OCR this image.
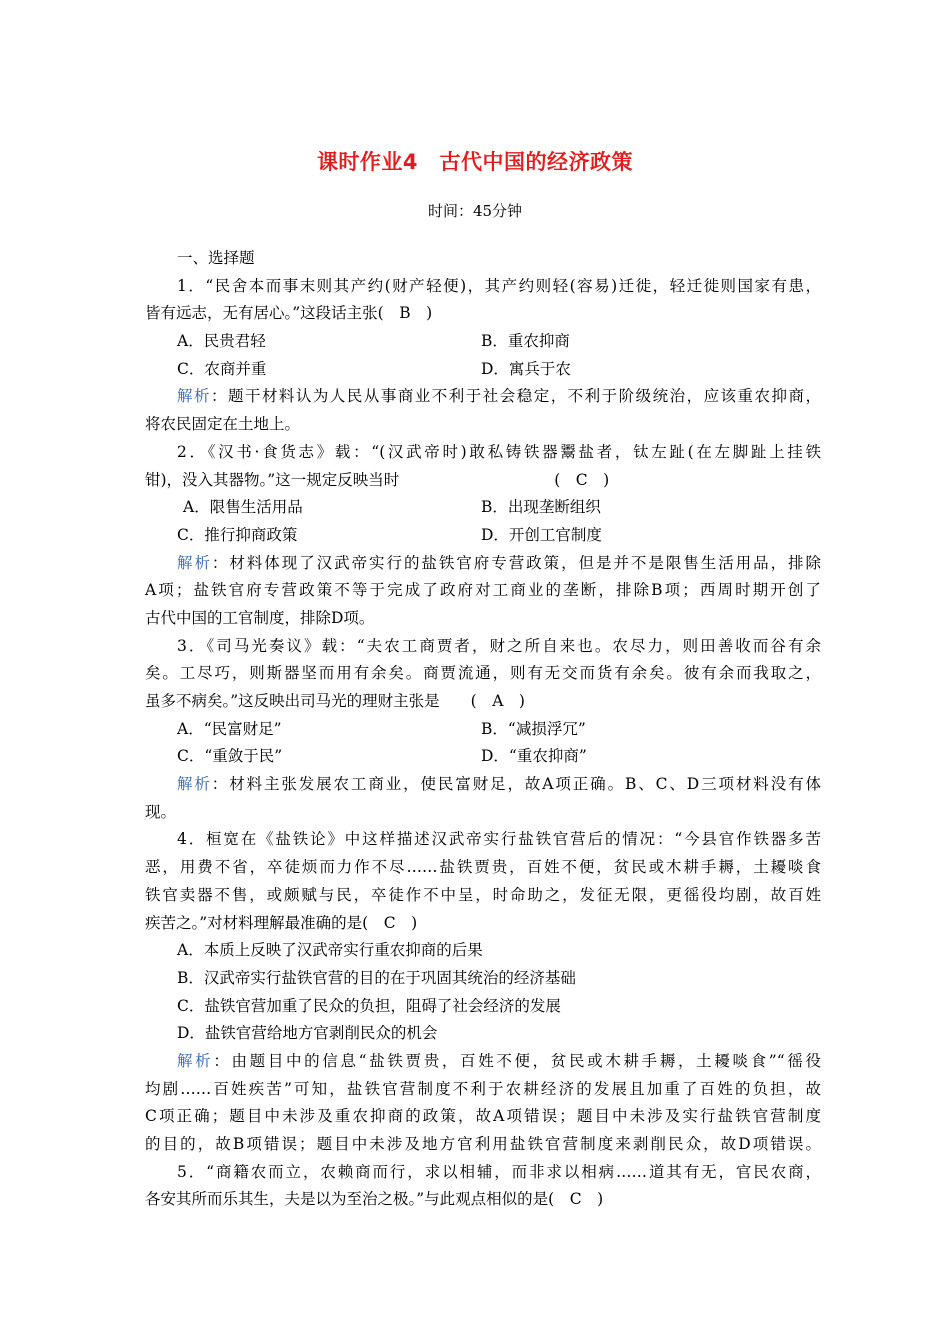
课时作业4　古代中国的经济政策
时间：45分钟
一、选择题
1．“民舍本而事末则其产约(财产轻便)，其产约则轻(容易)迁徙，轻迁徙则国家有患，
皆有远志，无有居心。”这段话主张(　B　)
A．民贵君轻	B．重农抑商
C．农商并重	D．寓兵于农
解析：题干材料认为人民从事商业不利于社会稳定，不利于阶级统治，应该重农抑商，
将农民固定在土地上。
2．《汉书·食货志》载：“(汉武帝时)敢私铸铁器鬻盐者，钛左趾(在左脚趾上挂铁
钳)，没入其器物。”这一规定反映当时　　　　　　　　　　(　C　)
A．限售生活用品	B．出现垄断组织
C．推行抑商政策	D．开创工官制度
解析：材料体现了汉武帝实行的盐铁官府专营政策，但是并不是限售生活用品，排除
A项；盐铁官府专营政策不等于完成了政府对工商业的垄断，排除B项；西周时期开创了
古代中国的工官制度，排除D项。
3．《司马光奏议》载：“夫农工商贾者，财之所自来也。农尽力，则田善收而谷有余
矣。工尽巧，则斯器坚而用有余矣。商贾流通，则有无交而货有余矣。彼有余而我取之，
虽多不病矣。”这反映出司马光的理财主张是　　(　A　)
A．“民富财足”	B．“减损浮冗”
C．“重敛于民”	D．“重农抑商”
解析：材料主张发展农工商业，使民富财足，故A项正确。B、C、D三项材料没有体
现。
4．桓宽在《盐铁论》中这样描述汉武帝实行盐铁官营后的情况：“今县官作铁器多苦
恶，用费不省，卒徒烦而力作不尽……盐铁贾贵，百姓不便，贫民或木耕手耨，土耰啖食
铁官卖器不售，或颇赋与民，卒徒作不中呈，时命助之，发征无限，更徭役均剧，故百姓
疾苦之。”对材料理解最准确的是(　C　)
A．本质上反映了汉武帝实行重农抑商的后果
B．汉武帝实行盐铁官营的目的在于巩固其统治的经济基础
C．盐铁官营加重了民众的负担，阻碍了社会经济的发展
D．盐铁官营给地方官剥削民众的机会
解析：由题目中的信息“盐铁贾贵，百姓不便，贫民或木耕手耨，土耰啖食”“徭役
均剧……百姓疾苦”可知，盐铁官营制度不利于农耕经济的发展且加重了百姓的负担，故
C项正确；题目中未涉及重农抑商的政策，故A项错误；题目中未涉及实行盐铁官营制度
的目的，故B项错误；题目中未涉及地方官利用盐铁官营制度来剥削民众，故D项错误。
5．“商籍农而立，农赖商而行，求以相辅，而非求以相病……道其有无，官民农商，
各安其所而乐其生，夫是以为至治之极。”与此观点相似的是(　C　)
